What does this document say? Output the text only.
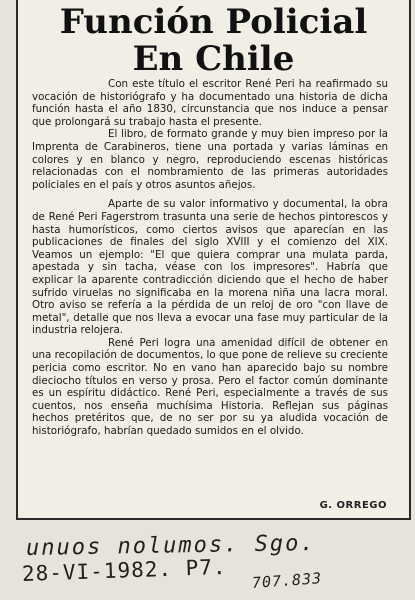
Función Policial
En Chile

Con este título el escritor René Peri ha reafirmado su vocación de historiógrafo y ha documentado una historia de dicha función hasta el año 1830, circunstancia que nos induce a pensar que prolongará su trabajo hasta el presente.

El libro, de formato grande y muy bien impreso por la Imprenta de Carabineros, tiene una portada y varias láminas en colores y en blanco y negro, reproduciendo escenas históricas relacionadas con el nombramiento de las primeras autoridades policiales en el país y otros asuntos añejos.

Aparte de su valor informativo y documental, la obra de René Peri Fagerstrom trasunta una serie de hechos pintorescos y hasta humorísticos, como ciertos avisos que aparecían en las publicaciones de finales del siglo XVIII y el comienzo del XIX. Veamos un ejemplo: "El que quiera comprar una mulata parda, apestada y sin tacha, véase con los impresores". Habría que explicar la aparente contradicción diciendo que el hecho de haber sufrido viruelas no significaba en la morena niña una lacra moral. Otro aviso se refería a la pérdida de un reloj de oro "con llave de metal", detalle que nos lleva a evocar una fase muy particular de la industria relojera.

René Peri logra una amenidad difícil de obtener en una recopilación de documentos, lo que pone de relieve su creciente pericia como escritor. No en vano han aparecido bajo su nombre dieciocho títulos en verso y prosa. Pero el factor común dominante es un espíritu didáctico. René Peri, especialmente a través de sus cuentos, nos enseña muchísima Historia. Reflejan sus páginas hechos pretéritos que, de no ser por su ya aludida vocación de historiógrafo, habrían quedado sumidos en el olvido.

G. ORREGO
unuos nolumos. Sgo.
28-VI-1982. P7. 707.833
